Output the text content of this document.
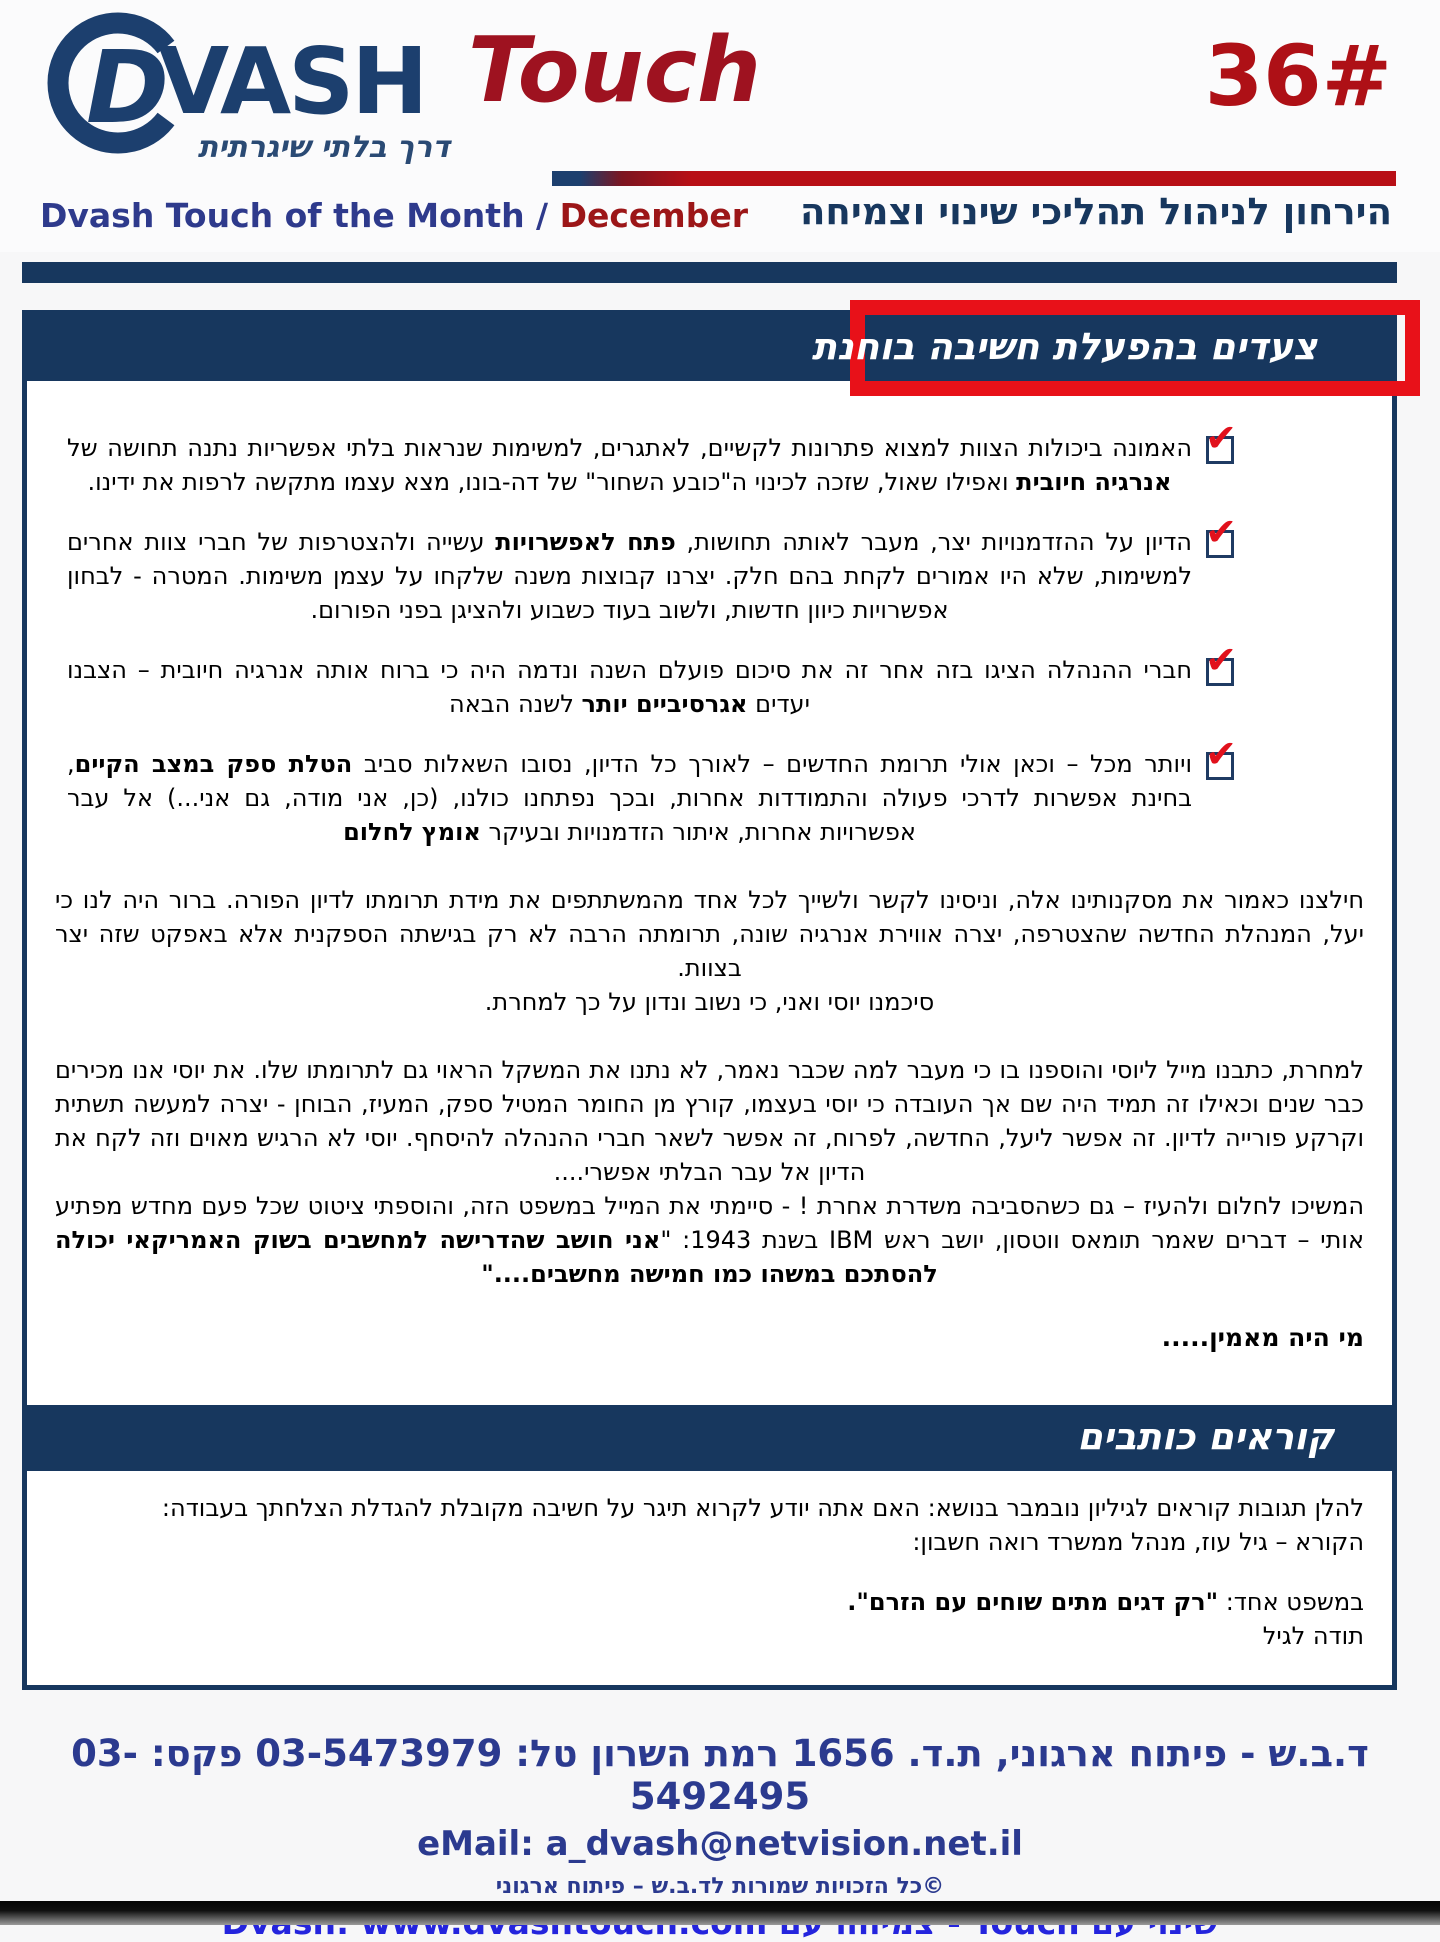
D
VASH
דרך בלתי שיגרתית
Touch	36#
Dvash Touch of the Month / December הירחון לניהול תהליכי שינוי וצמיחה
צעדים בהפעלת חשיבה בוחנת
✔
האמונה ביכולות הצוות למצוא פתרונות לקשיים, לאתגרים, למשימות שנראות בלתי אפשריות נתנה תחושה של אנרגיה חיובית ואפילו שאול, שזכה לכינוי ה"כובע השחור" של דה-בונו, מצא עצמו מתקשה לרפות את ידינו.
✔
הדיון על ההזדמנויות יצר, מעבר לאותה תחושות, פתח לאפשרויות עשייה ולהצטרפות של חברי צוות אחרים למשימות, שלא היו אמורים לקחת בהם חלק. יצרנו קבוצות משנה שלקחו על עצמן משימות. המטרה - לבחון אפשרויות כיוון חדשות, ולשוב בעוד כשבוע ולהציגן בפני הפורום.
✔
חברי ההנהלה הציגו בזה אחר זה את סיכום פועלם השנה ונדמה היה כי ברוח אותה אנרגיה חיובית – הצבנו יעדים אגרסיביים יותר לשנה הבאה
✔
ויותר מכל – וכאן אולי תרומת החדשים – לאורך כל הדיון, נסובו השאלות סביב הטלת ספק במצב הקיים, בחינת אפשרות לדרכי פעולה והתמודדות אחרות, ובכך נפתחנו כולנו, (כן, אני מודה, גם אני...) אל עבר אפשרויות אחרות, איתור הזדמנויות ובעיקר אומץ לחלום
חילצנו כאמור את מסקנותינו אלה, וניסינו לקשר ולשייך לכל אחד מהמשתתפים את מידת תרומתו לדיון הפורה. ברור היה לנו כי יעל, המנהלת החדשה שהצטרפה, יצרה אווירת אנרגיה שונה, תרומתה הרבה לא רק בגישתה הספקנית אלא באפקט שזה יצר בצוות.
סיכמנו יוסי ואני, כי נשוב ונדון על כך למחרת.
למחרת, כתבנו מייל ליוסי והוספנו בו כי מעבר למה שכבר נאמר, לא נתנו את המשקל הראוי גם לתרומתו שלו. את יוסי אנו מכירים כבר שנים וכאילו זה תמיד היה שם אך העובדה כי יוסי בעצמו, קורץ מן החומר המטיל ספק, המעיז, הבוחן - יצרה למעשה תשתית וקרקע פורייה לדיון. זה אפשר ליעל, החדשה, לפרוח, זה אפשר לשאר חברי ההנהלה להיסחף. יוסי לא הרגיש מאוים וזה לקח את הדיון אל עבר הבלתי אפשרי....
המשיכו לחלום ולהעיז – גם כשהסביבה משדרת אחרת ! - סיימתי את המייל במשפט הזה, והוספתי ציטוט שכל פעם מחדש מפתיע אותי – דברים שאמר תומאס ווטסון, יושב ראש IBM בשנת 1943: "אני חושב שהדרישה למחשבים בשוק האמריקאי יכולה להסתכם במשהו כמו חמישה מחשבים...."
מי היה מאמין.....
קוראים כותבים
להלן תגובות קוראים לגיליון נובמבר בנושא: האם אתה יודע לקרוא תיגר על חשיבה מקובלת להגדלת הצלחתך בעבודה:
הקורא – גיל עוז, מנהל ממשרד רואה חשבון:
במשפט אחד: "רק דגים מתים שוחים עם הזרם".
תודה לגיל
ד.ב.ש - פיתוח ארגוני, ת.ד. 1656 רמת השרון טל: 03-5473979 פקס: 03-5492495
eMail: a_dvash@netvision.net.il
©כל הזכויות שמורות לד.ב.ש – פיתוח ארגוני
